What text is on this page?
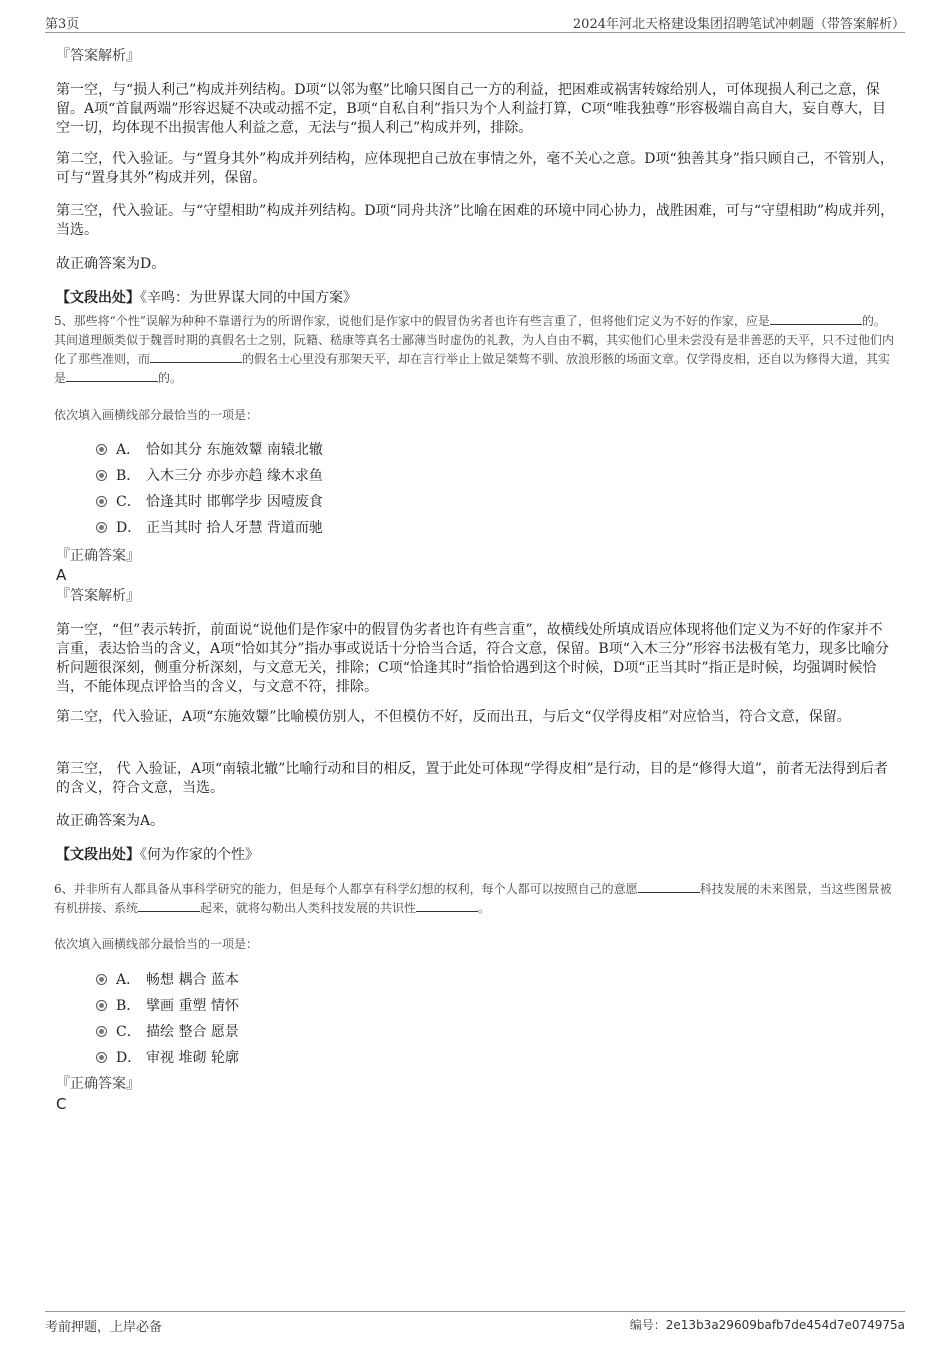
第3页	2024年河北天格建设集团招聘笔试冲刺题（带答案解析）
『答案解析』

第一空，与“损人利己”构成并列结构。D项“以邻为壑”比喻只图自己一方的利益，把困难或祸害转嫁给别人，可体现损人利己之意，保留。A项“首鼠两端”形容迟疑不决或动摇不定，B项“自私自利”指只为个人利益打算，C项“唯我独尊”形容极端自高自大，妄自尊大，目空一切，均体现不出损害他人利益之意，无法与“损人利己”构成并列，排除。

第二空，代入验证。与“置身其外”构成并列结构，应体现把自己放在事情之外，毫不关心之意。D项“独善其身”指只顾自己，不管别人，可与“置身其外”构成并列，保留。

第三空，代入验证。与“守望相助”构成并列结构。D项“同舟共济”比喻在困难的环境中同心协力，战胜困难，可与“守望相助”构成并列，当选。

故正确答案为D。

【文段出处】《辛鸣：为世界谋大同的中国方案》

5、那些将“个性”误解为种种不靠谱行为的所谓作家，说他们是作家中的假冒伪劣者也许有些言重了，但将他们定义为不好的作家，应是	的。其间道理颇类似于魏晋时期的真假名士之别，阮籍、嵇康等真名士鄙薄当时虚伪的礼教，为人自由不羁，其实他们心里未尝没有是非善恶的天平，只不过他们内化了那些准则，而	的假名士心里没有那架天平，却在言行举止上做足桀骜不驯、放浪形骸的场面文章。仅学得皮相，还自以为修得大道，其实是	的。

依次填入画横线部分最恰当的一项是：
A． 恰如其分 东施效颦 南辕北辙
B． 入木三分 亦步亦趋 缘木求鱼
C． 恰逢其时 邯郸学步 因噎废食
D． 正当其时 拾人牙慧 背道而驰
『正确答案』
A
『答案解析』

第一空，“但”表示转折，前面说“说他们是作家中的假冒伪劣者也许有些言重”，故横线处所填成语应体现将他们定义为不好的作家并不言重，表达恰当的含义，A项“恰如其分”指办事或说话十分恰当合适，符合文意，保留。B项“入木三分”形容书法极有笔力，现多比喻分析问题很深刻，侧重分析深刻，与文意无关，排除；C项“恰逢其时”指恰恰遇到这个时候，D项“正当其时”指正是时候，均强调时候恰当，不能体现点评恰当的含义，与文意不符，排除。

第二空，代入验证，A项“东施效颦”比喻模仿别人，不但模仿不好，反而出丑，与后文“仅学得皮相”对应恰当，符合文意，保留。

第三空， 代 入验证，A项“南辕北辙”比喻行动和目的相反，置于此处可体现“学得皮相”是行动，目的是“修得大道”，前者无法得到后者的含义，符合文意，当选。

故正确答案为A。

【文段出处】《何为作家的个性》

6、并非所有人都具备从事科学研究的能力，但是每个人都享有科学幻想的权利，每个人都可以按照自己的意愿	科技发展的未来图景，当这些图景被有机拼接、系统	起来，就将勾勒出人类科技发展的共识性	。

依次填入画横线部分最恰当的一项是：
A． 畅想 耦合 蓝本
B． 擘画 重塑 情怀
C． 描绘 整合 愿景
D． 审视 堆砌 轮廓
『正确答案』
C
考前押题，上岸必备	编号：2e13b3a29609bafb7de454d7e074975a
